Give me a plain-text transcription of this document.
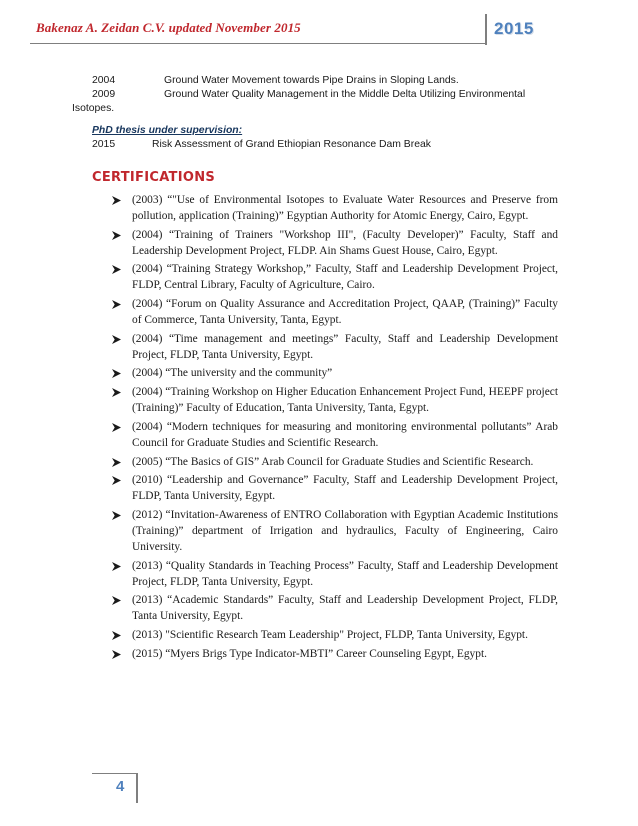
Bakenaz A. Zeidan C.V. updated November 2015	2015
2004	Ground Water Movement towards Pipe Drains in Sloping Lands.
2009	Ground Water Quality Management in the Middle Delta Utilizing Environmental
Isotopes.
PhD thesis under supervision:
2015	Risk Assessment of Grand Ethiopian Resonance Dam Break
CERTIFICATIONS
(2003) “"Use of Environmental Isotopes to Evaluate Water Resources and Preserve from pollution, application (Training)” Egyptian Authority for Atomic Energy, Cairo, Egypt.
(2004) “Training of Trainers "Workshop III", (Faculty Developer)” Faculty, Staff and Leadership Development Project, FLDP. Ain Shams Guest House, Cairo, Egypt.
(2004) “Training Strategy Workshop,” Faculty, Staff and Leadership Development Project, FLDP, Central Library, Faculty of Agriculture, Cairo.
(2004) “Forum on Quality Assurance and Accreditation Project, QAAP, (Training)” Faculty of Commerce, Tanta University, Tanta, Egypt.
(2004) “Time management and meetings” Faculty, Staff and Leadership Development Project, FLDP, Tanta University, Egypt.
(2004) “The university and the community”
(2004) “Training Workshop on Higher Education Enhancement Project Fund, HEEPF project (Training)” Faculty of Education, Tanta University, Tanta, Egypt.
(2004) “Modern techniques for measuring and monitoring environmental pollutants” Arab Council for Graduate Studies and Scientific Research.
(2005) “The Basics of GIS” Arab Council for Graduate Studies and Scientific Research.
(2010) “Leadership and Governance” Faculty, Staff and Leadership Development Project, FLDP, Tanta University, Egypt.
(2012) “Invitation-Awareness of ENTRO Collaboration with Egyptian Academic Institutions (Training)” department of Irrigation and hydraulics, Faculty of Engineering, Cairo University.
(2013) “Quality Standards in Teaching Process” Faculty, Staff and Leadership Development Project, FLDP, Tanta University, Egypt.
(2013) “Academic Standards” Faculty, Staff and Leadership Development Project, FLDP, Tanta University, Egypt.
(2013) "Scientific Research Team Leadership" Project, FLDP, Tanta University, Egypt.
(2015) “Myers Brigs Type Indicator-MBTI” Career Counseling Egypt, Egypt.
4
